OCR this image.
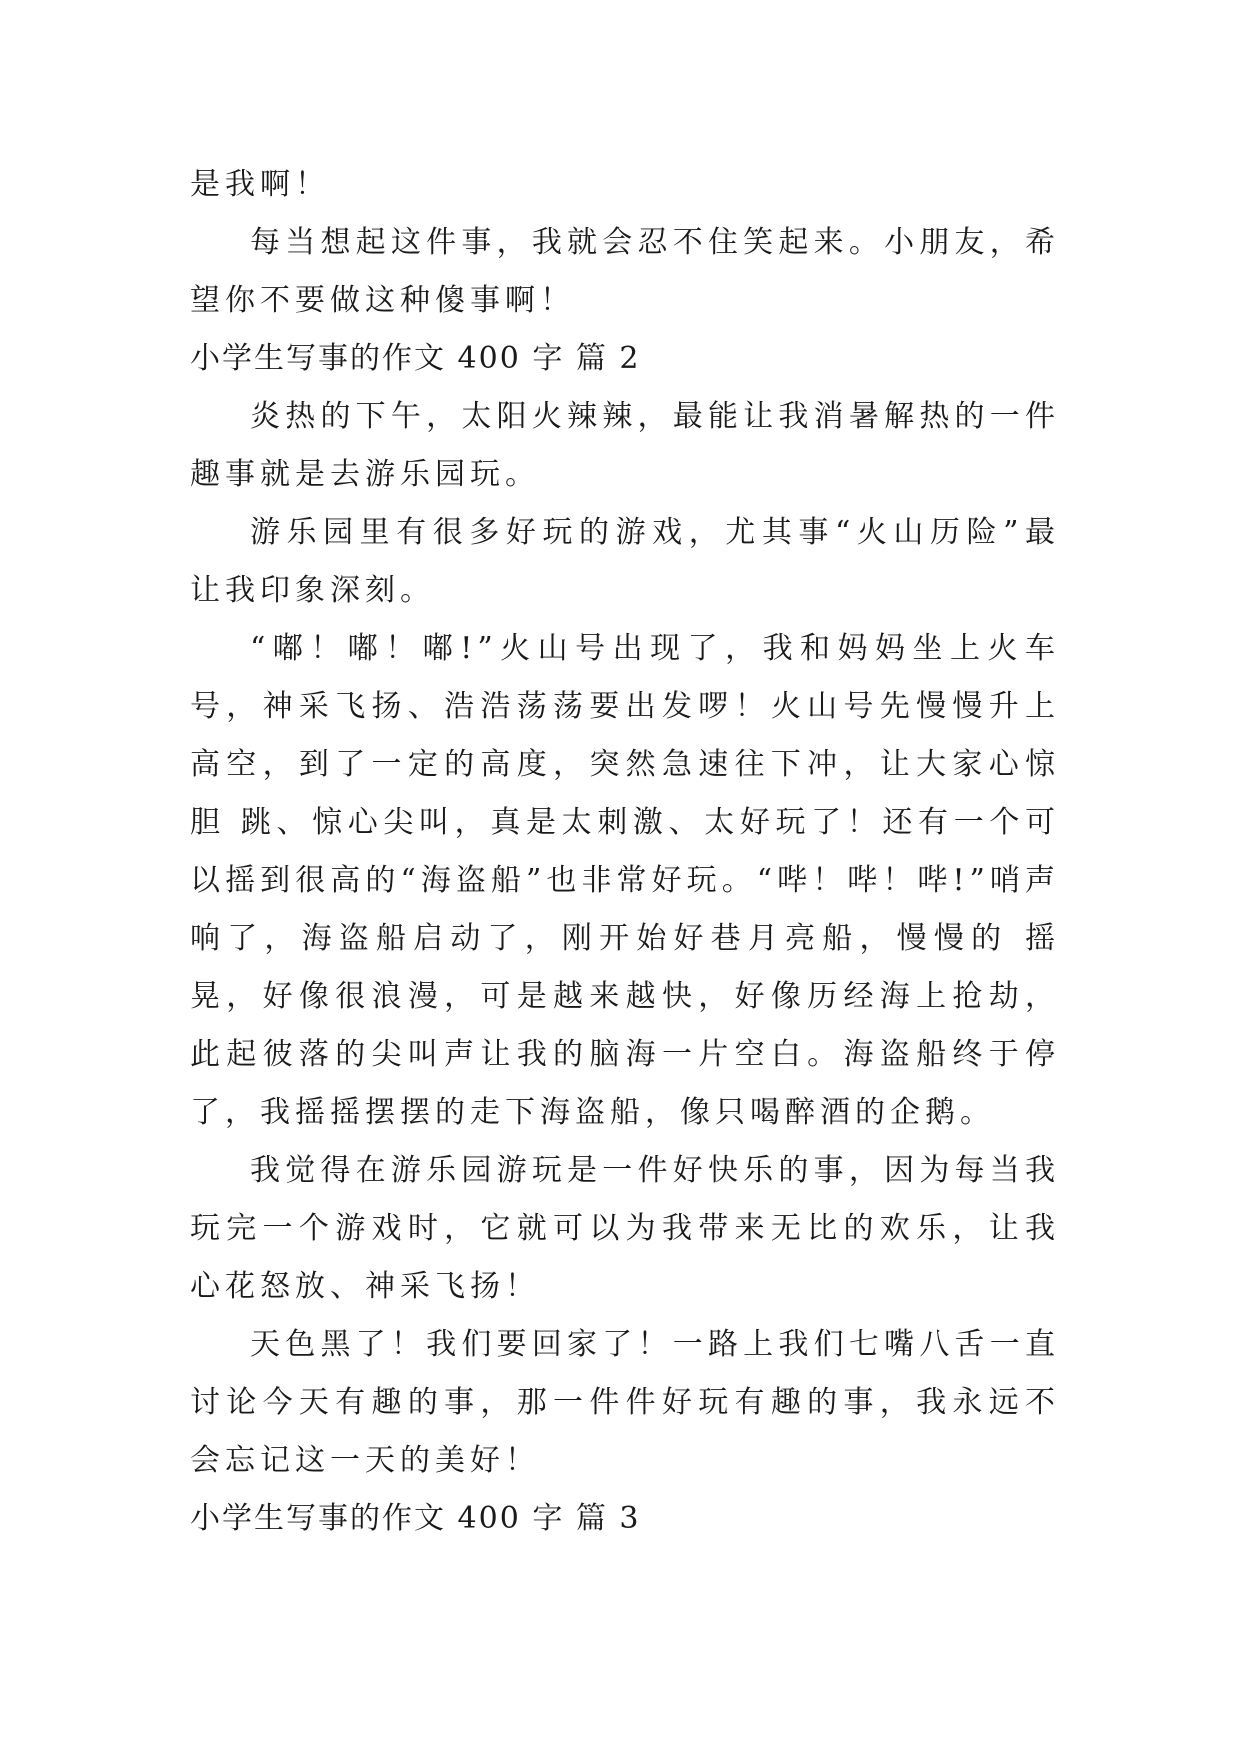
是我啊！

每当想起这件事，我就会忍不住笑起来。小朋友，希望你不要做这种傻事啊！

小学生写事的作文 400 字 篇 2

炎热的下午，太阳火辣辣，最能让我消暑解热的一件趣事就是去游乐园玩。

游乐园里有很多好玩的游戏，尤其事“火山历险”最让我印象深刻。

“嘟！嘟！嘟!”火山号出现了，我和妈妈坐上火车号，神采飞扬、浩浩荡荡要出发啰！火山号先慢慢升上高空，到了一定的高度，突然急速往下冲，让大家心惊胆 跳、惊心尖叫，真是太刺激、太好玩了！还有一个可以摇到很高的“海盗船”也非常好玩。“哔！哔！哔!”哨声响了，海盗船启动了，刚开始好巷月亮船，慢慢的 摇晃，好像很浪漫，可是越来越快，好像历经海上抢劫，此起彼落的尖叫声让我的脑海一片空白。海盗船终于停了，我摇摇摆摆的走下海盗船，像只喝醉酒的企鹅。

我觉得在游乐园游玩是一件好快乐的事，因为每当我玩完一个游戏时，它就可以为我带来无比的欢乐，让我心花怒放、神采飞扬！

天色黑了！我们要回家了！一路上我们七嘴八舌一直讨论今天有趣的事，那一件件好玩有趣的事，我永远不会忘记这一天的美好！

小学生写事的作文 400 字 篇 3
